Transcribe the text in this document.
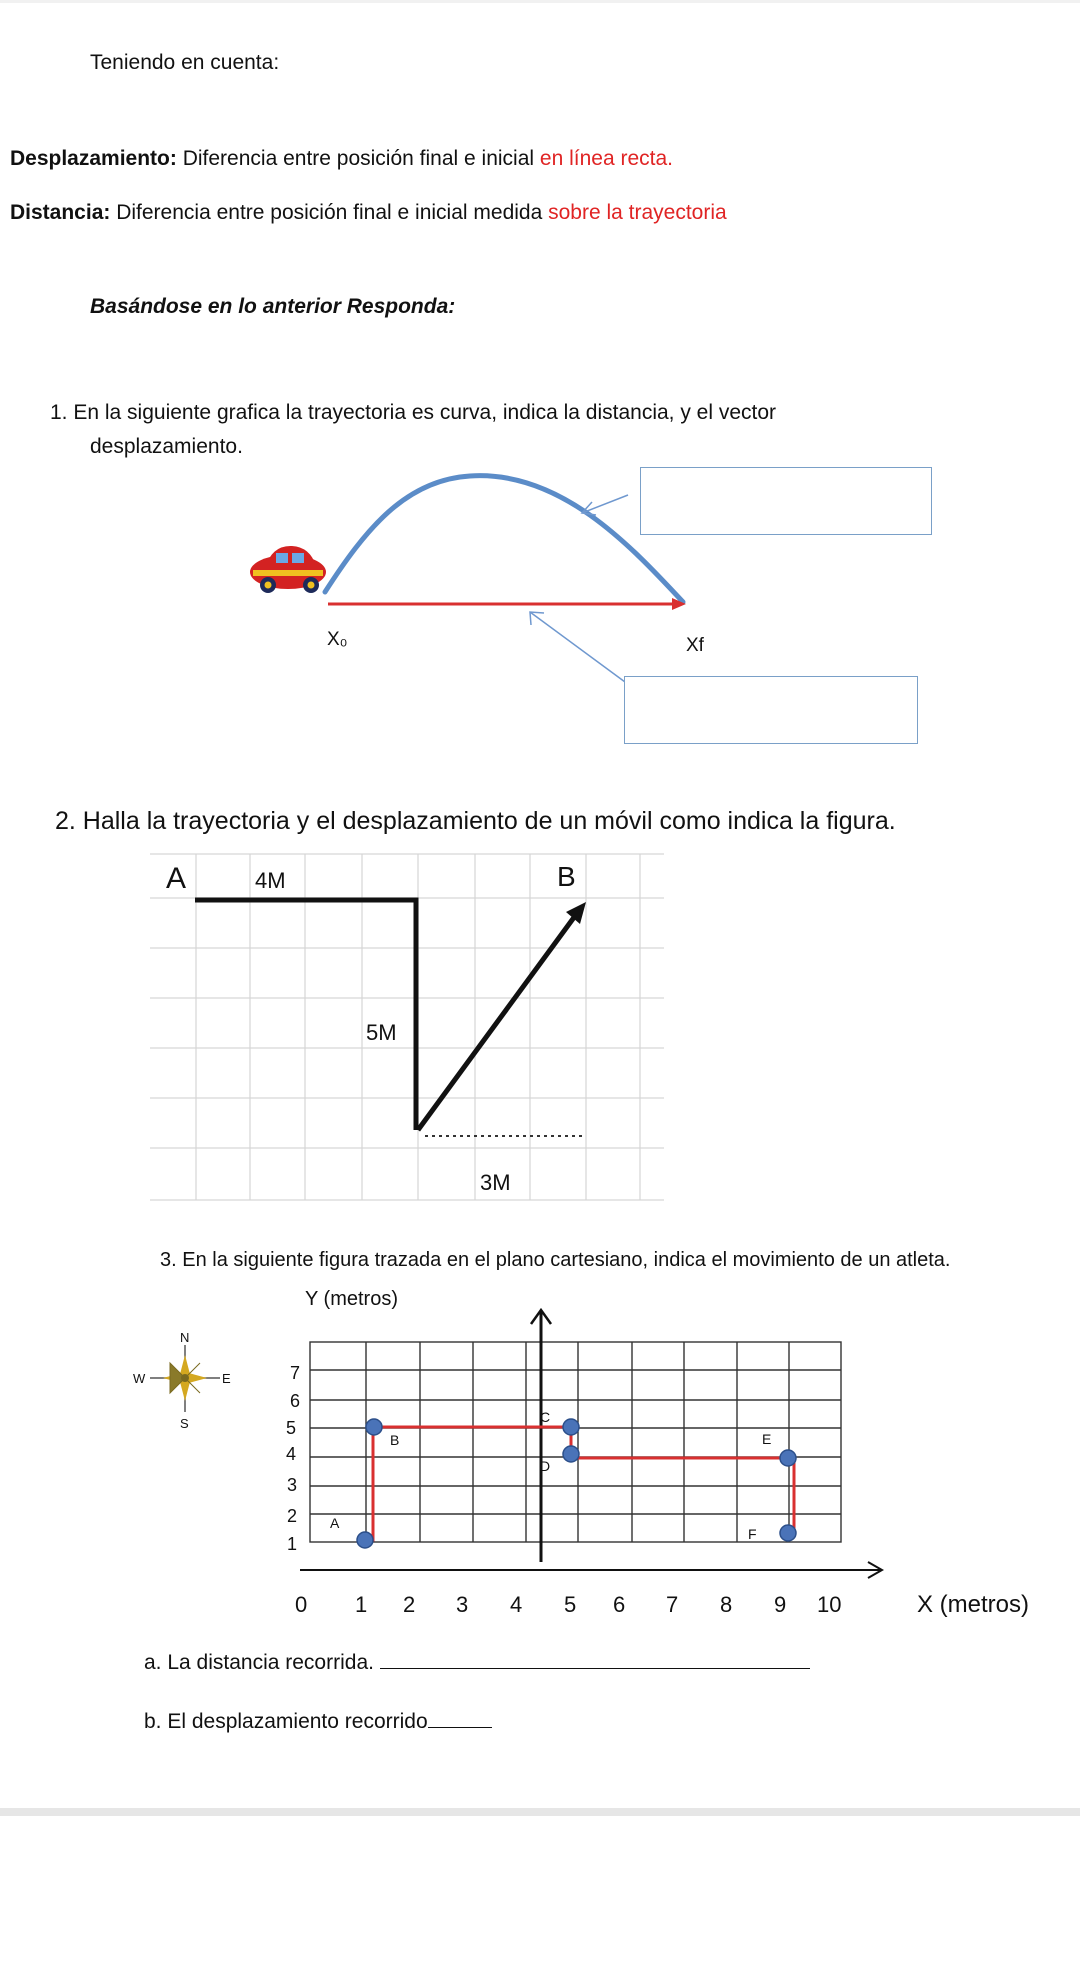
Teniendo en cuenta:
Desplazamiento: Diferencia entre posición final e inicial en línea recta.
Distancia: Diferencia entre posición final e inicial medida sobre la trayectoria
Basándose en lo anterior Responda:
1. En la siguiente grafica la trayectoria es curva, indica la distancia, y el vector
desplazamiento.
X₀	Xf
2. Halla la trayectoria y el desplazamiento de un móvil como indica la figura.
A	4M	B
5M
3M
3. En la siguiente figura trazada en el plano cartesiano, indica el movimiento de un atleta.
Y (metros)
N
S
E
W
A
B
C
D
E
F
7
6
5
4
3
2
1
0 1 2 3 4 5 6 7 8 9 10	X (metros)
a. La distancia recorrida.
b. El desplazamiento recorrido
